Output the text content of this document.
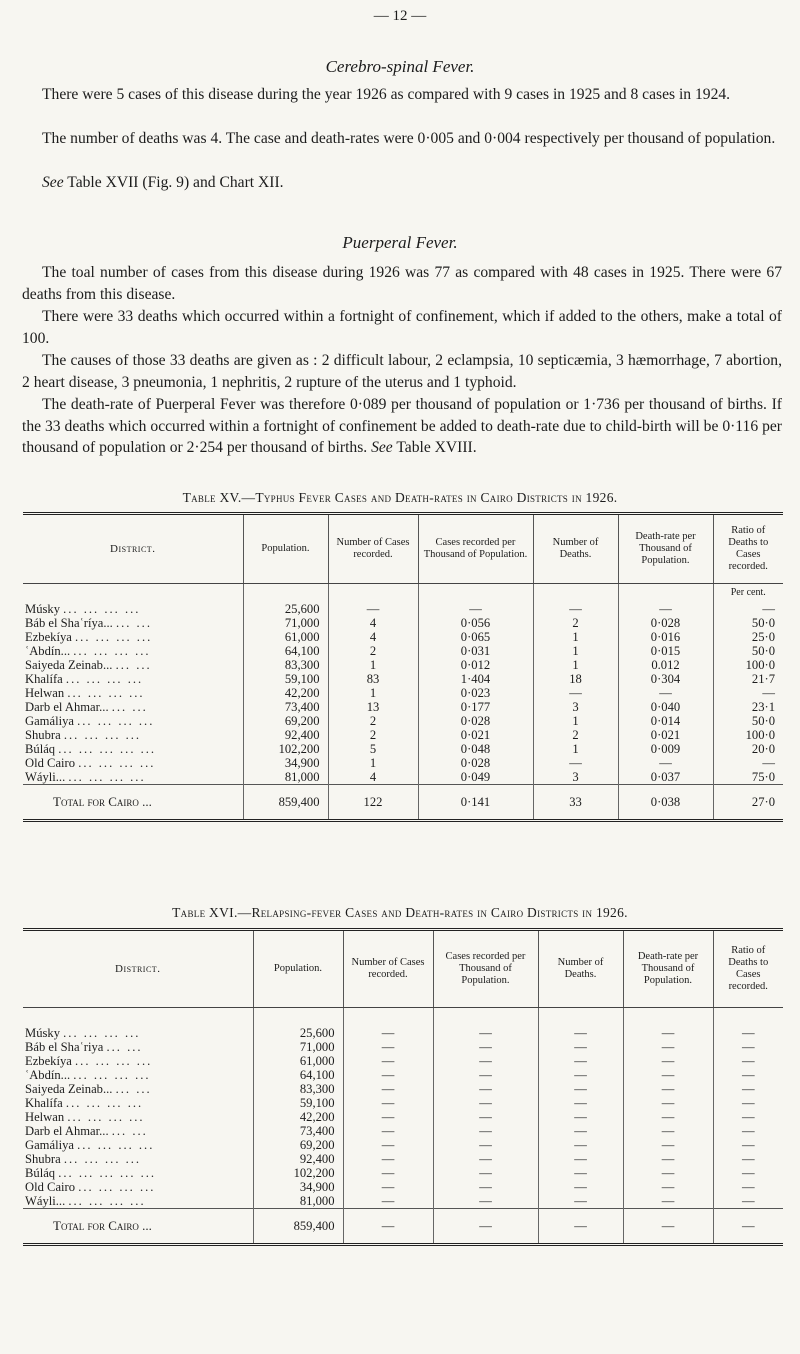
— 12 —
Cerebro-spinal Fever.

There were 5 cases of this disease during the year 1926 as compared with 9 cases in 1925 and 8 cases in 1924.

The number of deaths was 4. The case and death-rates were 0·005 and 0·004 respectively per thousand of population.

See Table XVII (Fig. 9) and Chart XII.

Puerperal Fever.

The toal number of cases from this disease during 1926 was 77 as compared with 48 cases in 1925. There were 67 deaths from this disease.

There were 33 deaths which occurred within a fortnight of confinement, which if added to the others, make a total of 100.

The causes of those 33 deaths are given as : 2 difficult labour, 2 eclampsia, 10 septicæmia, 3 hæmorrhage, 7 abortion, 2 heart disease, 3 pneumonia, 1 nephritis, 2 rupture of the uterus and 1 typhoid.

The death-rate of Puerperal Fever was therefore 0·089 per thousand of population or 1·736 per thousand of births. If the 33 deaths which occurred within a fortnight of confinement be added to death-rate due to child-birth will be 0·116 per thousand of population or 2·254 per thousand of births. See Table XVIII.

Table XV.—Typhus Fever Cases and Death-rates in Cairo Districts in 1926.
District.	Population.	Number of Cases recorded.	Cases recorded per Thousand of Population.	Number of Deaths.	Death-rate per Thousand of Population.	Ratio of Deaths to Cases recorded.
						Per cent.
Músky ... ... ... ...	25,600	—	—	—	—	—
Báb el Shaʿríya... ... ...	71,000	4	0·056	2	0·028	50·0
Ezbekíya ... ... ... ...	61,000	4	0·065	1	0·016	25·0
ʿAbdín... ... ... ... ...	64,100	2	0·031	1	0·015	50·0
Saiyeda Zeinab... ... ...	83,300	1	0·012	1	0.012	100·0
Khalífa ... ... ... ...	59,100	83	1·404	18	0·304	21·7
Helwan ... ... ... ...	42,200	1	0·023	—	—	—
Darb el Ahmar... ... ...	73,400	13	0·177	3	0·040	23·1
Gamáliya ... ... ... ...	69,200	2	0·028	1	0·014	50·0
Shubra ... ... ... ...	92,400	2	0·021	2	0·021	100·0
Búláq ... ... ... ... ...	102,200	5	0·048	1	0·009	20·0
Old Cairo ... ... ... ...	34,900	1	0·028	—	—	—
Wáyli... ... ... ... ...	81,000	4	0·049	3	0·037	75·0
Total for Cairo ...	859,400	122	0·141	33	0·038	27·0
Table XVI.—Relapsing-fever Cases and Death-rates in Cairo Districts in 1926.
District.	Population.	Number of Cases recorded.	Cases recorded per Thousand of Population.	Number of Deaths.	Death-rate per Thousand of Population.	Ratio of Deaths to Cases recorded.

Músky ... ... ... ...	25,600	—	—	—	—	—
Báb el Shaʿriya ... ...	71,000	—	—	—	—	—
Ezbekíya ... ... ... ...	61,000	—	—	—	—	—
ʿAbdín... ... ... ... ...	64,100	—	—	—	—	—
Saiyeda Zeinab... ... ...	83,300	—	—	—	—	—
Khalífa ... ... ... ...	59,100	—	—	—	—	—
Helwan ... ... ... ...	42,200	—	—	—	—	—
Darb el Ahmar... ... ...	73,400	—	—	—	—	—
Gamáliya ... ... ... ...	69,200	—	—	—	—	—
Shubra ... ... ... ...	92,400	—	—	—	—	—
Búláq ... ... ... ... ...	102,200	—	—	—	—	—
Old Cairo ... ... ... ...	34,900	—	—	—	—	—
Wáyli... ... ... ... ...	81,000	—	—	—	—	—
Total for Cairo ...	859,400	—	—	—	—	—
